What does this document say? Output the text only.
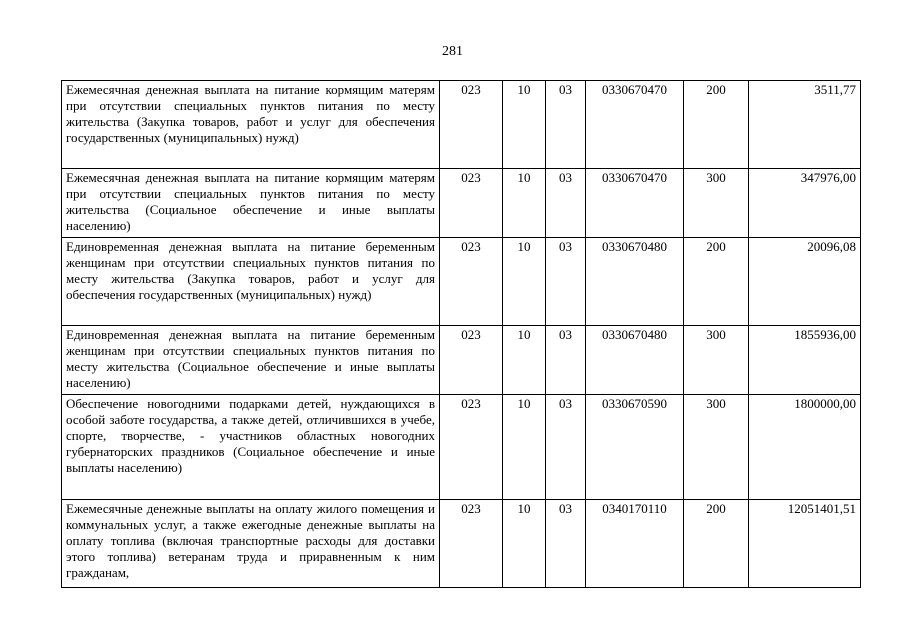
281
Ежемесячная денежная выплата на питание кормящим матерям при отсутствии специальных пунктов питания по месту жительства (Закупка товаров, работ и услуг для обеспечения государственных (муниципальных) нужд)	023	10	03	0330670470	200	3511,77
Ежемесячная денежная выплата на питание кормящим матерям при отсутствии специальных пунктов питания по месту жительства (Социальное обеспечение и иные выплаты населению)	023	10	03	0330670470	300	347976,00
Единовременная денежная выплата на питание беременным женщинам при отсутствии специальных пунктов питания по месту жительства (Закупка товаров, работ и услуг для обеспечения государственных (муниципальных) нужд)	023	10	03	0330670480	200	20096,08
Единовременная денежная выплата на питание беременным женщинам при отсутствии специальных пунктов питания по месту жительства (Социальное обеспечение и иные выплаты населению)	023	10	03	0330670480	300	1855936,00
Обеспечение новогодними подарками детей, нуждающихся в особой заботе государства, а также детей, отличившихся в учебе, спорте, творчестве, - участников областных новогодних губернаторских праздников (Социальное обеспечение и иные выплаты населению)	023	10	03	0330670590	300	1800000,00
Ежемесячные денежные выплаты на оплату жилого помещения и коммунальных услуг, а также ежегодные денежные выплаты на оплату топлива (включая транспортные расходы для доставки этого топлива) ветеранам труда и приравненным к ним гражданам,	023	10	03	0340170110	200	12051401,51
